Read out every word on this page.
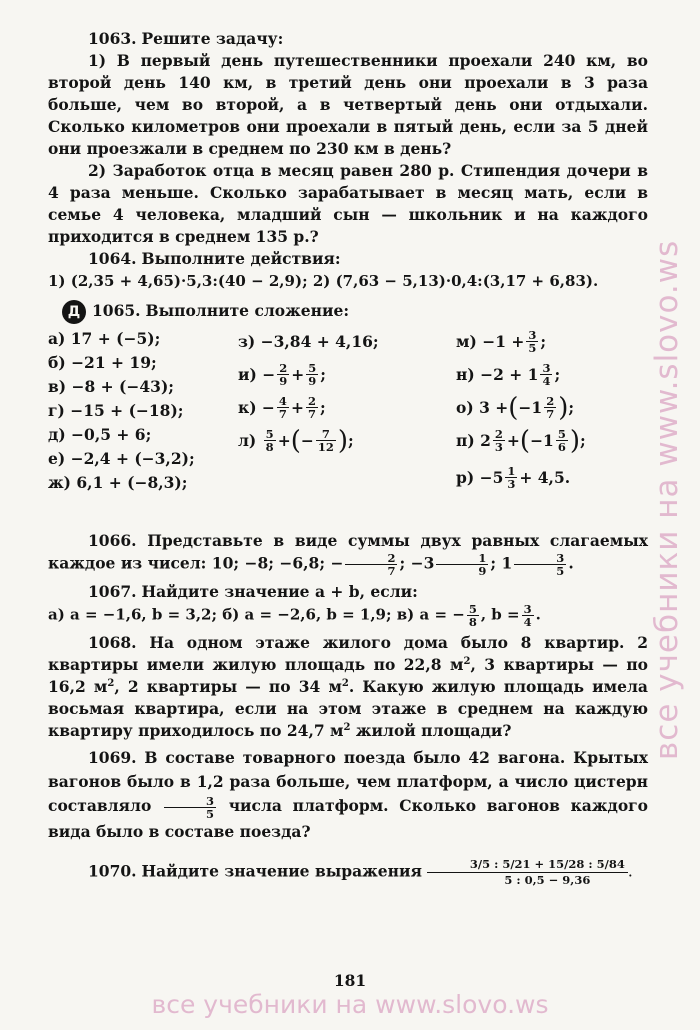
1063. Решите задачу:

1) В первый день путешественники проехали 240 км, во второй день 140 км, в третий день они проехали в 3 раза больше, чем во второй, а в четвертый день они отдыхали. Сколько километров они проехали в пятый день, если за 5 дней они проезжали в среднем по 230 км в день?

2) Заработок отца в месяц равен 280 р. Стипендия дочери в 4 раза меньше. Сколько зарабатывает в месяц мать, если в семье 4 человека, младший сын — школьник и на каждого приходится в среднем 135 р.?

1064. Выполните действия:

1) (2,35 + 4,65)·5,3:(40 − 2,9); 2) (7,63 − 5,13)·0,4:(3,17 + 6,83).

Д 1065. Выполните сложение:

а) 17 + (−5);
б) −21 + 19;
в) −8 + (−43);
г) −15 + (−18);
д) −0,5 + 6;
е) −2,4 + (−3,2);
ж) 6,1 + (−8,3);
з) −3,84 + 4,16;
$и) - \frac{2}{9} + \frac{5}{9}$ ;
$к) - \frac{4}{7} + \frac{2}{7}$ ;
л)
$\frac{5}{8}$ + ( − $\frac{7}{12}$ ) ;
м)
$-1 + \frac{3}{5}$ ;
н)
$-2 + 1 \frac{3}{4}$ ;
о)
3 + ( $-1 \frac{2}{7}$ ) ;
п)
$2 \frac{2}{3}$ + ( $-1 \frac{5}{6}$ ) ;
р)
$-5 \frac{1}{3} + 4,5$.

1066. Представьте в виде суммы двух равных слагаемых каждое из чисел: 10; −8; −6,8; − $\frac{2}{7}$ ; $-3 \frac{1}{9}$ ; $1 \frac{3}{5}$ .

1067. Найдите значение a + b, если:

а) a = −1,6, b = 3,2; б) a = −2,6, b = 1,9; в) a = − $\frac{5}{8}$ , $b = \frac{3}{4}$ .

1068. На одном этаже жилого дома было 8 квартир. 2 квартиры имели жилую площадь по 22,8 $м^2$, 3 квартиры — по 16,2 $м^2$, 2 квартиры — по 34 $м^2$. Какую жилую площадь имела восьмая квартира, если на этом этаже в среднем на каждую квартиру приходилось по 24,7 $м^2$ жилой площади?

1069. В составе товарного поезда было 42 вагона. Крытых вагонов было в 1,2 раза больше, чем платформ, а число цистерн составляло $\frac{3}{5}$ числа платформ. Сколько вагонов каждого вида было в составе поезда?

1070. Найдите значение выражения $\frac{3/5 : 5/21 + 15/28 : 5/84}{5 : 0,5 - 9,36}$ .

181
все учебники на www.slovo.ws
все учебники на www.slovo.ws
